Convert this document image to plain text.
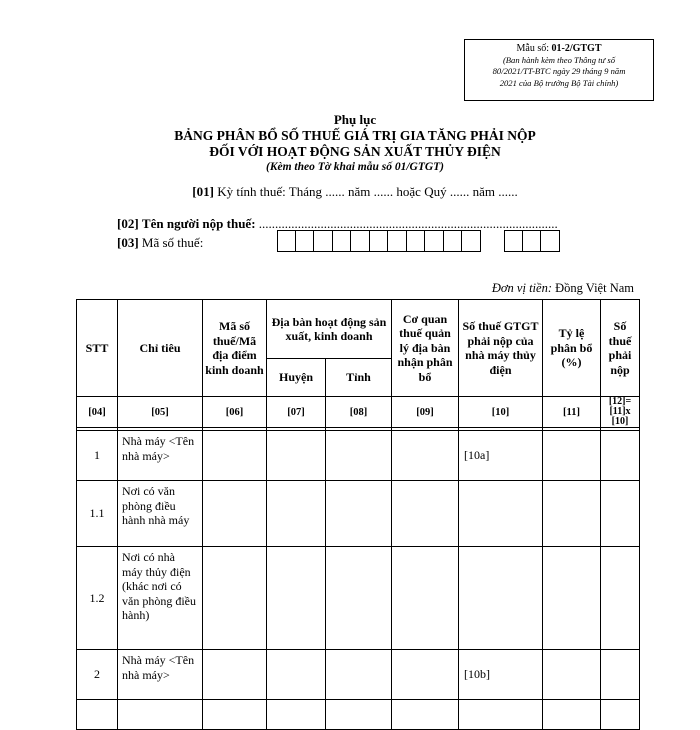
Mẫu số: 01-2/GTGT
(Ban hành kèm theo Thông tư số
80/2021/TT-BTC ngày 29 tháng 9 năm
2021 của Bộ trưởng Bộ Tài chính)
Phụ lục
BẢNG PHÂN BỔ SỐ THUẾ GIÁ TRỊ GIA TĂNG PHẢI NỘP
ĐỐI VỚI HOẠT ĐỘNG SẢN XUẤT THỦY ĐIỆN
(Kèm theo Tờ khai mẫu số 01/GTGT)
[01] Kỳ tính thuế: Tháng ...... năm ...... hoặc Quý ...... năm ......
[02] Tên người nộp thuế: ............................................................................................
[03] Mã số thuế:
Đơn vị tiền: Đồng Việt Nam
STT	Chỉ tiêu	Mã số thuế/Mã địa điểm kinh doanh	Địa bàn hoạt động sản xuất, kinh doanh		Cơ quan thuế quản lý địa bàn nhận phân bổ	Số thuế GTGT phải nộp của nhà máy thủy điện	Tỷ lệ phân bổ (%)	Số thuế phải nộp
			Huyện	Tỉnh				
[04]	[05]	[06]	[07]	[08]	[09]	[10]	[11]	[12]=[11]x [10]

1	Nhà máy <Tên nhà máy>					[10a]		
1.1	Nơi có văn phòng điều hành nhà máy							
1.2	Nơi có nhà máy thủy điện (khác nơi có văn phòng điều hành)							
2	Nhà máy <Tên nhà máy>					[10b]		
